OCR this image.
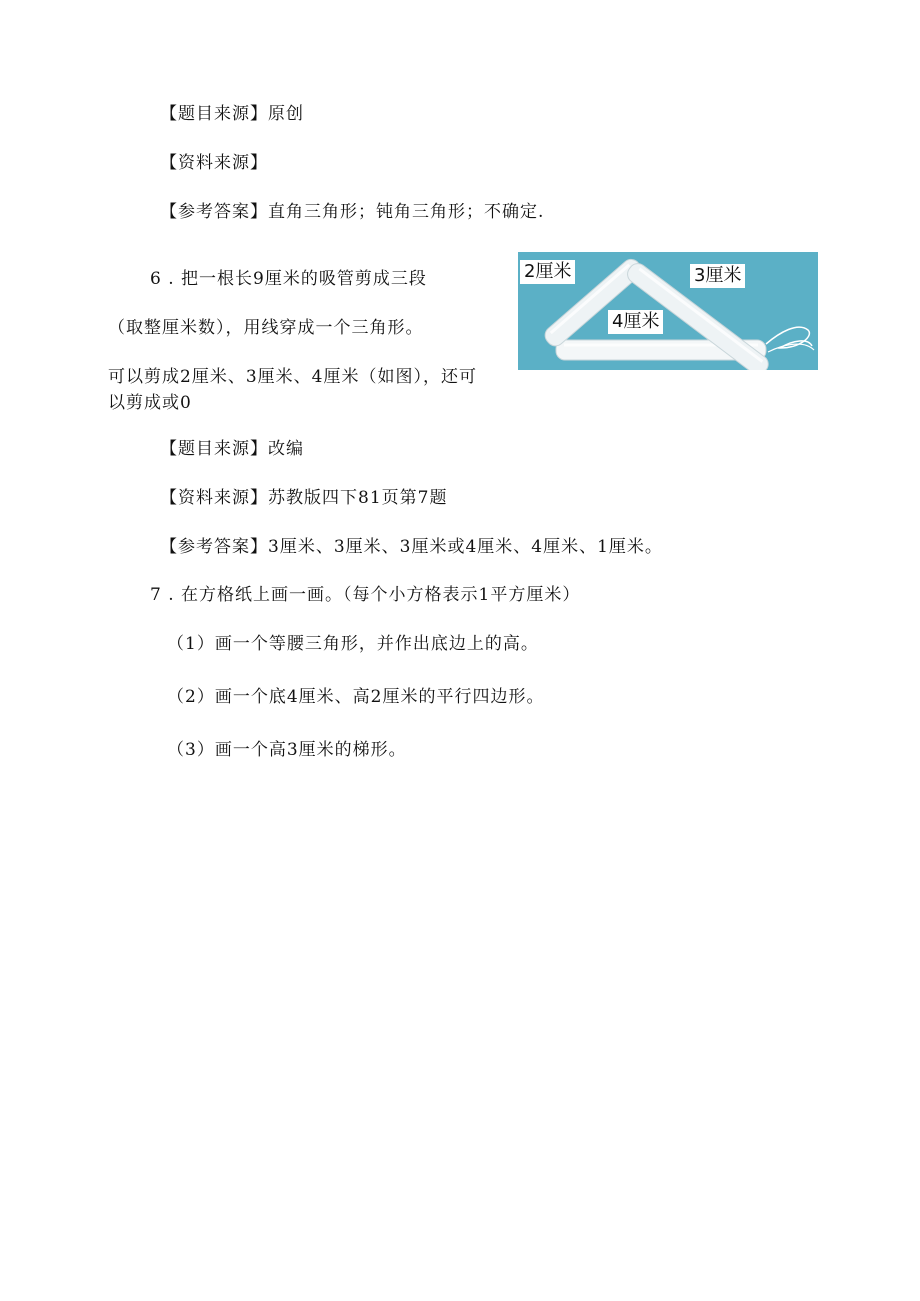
【题目来源】原创
【资料来源】
【参考答案】直角三角形；钝角三角形；不确定.
6 . 把一根长9厘米的吸管剪成三段
（取整厘米数），用线穿成一个三角形。
可以剪成2厘米、3厘米、4厘米（如图），还可
以剪成或0
2厘米	3厘米
4厘米
【题目来源】改编
【资料来源】苏教版四下81页第7题
【参考答案】3厘米、3厘米、3厘米或4厘米、4厘米、1厘米。
7 . 在方格纸上画一画。（每个小方格表示1平方厘米）
（1）画一个等腰三角形，并作出底边上的高。
（2）画一个底4厘米、高2厘米的平行四边形。
（3）画一个高3厘米的梯形。
